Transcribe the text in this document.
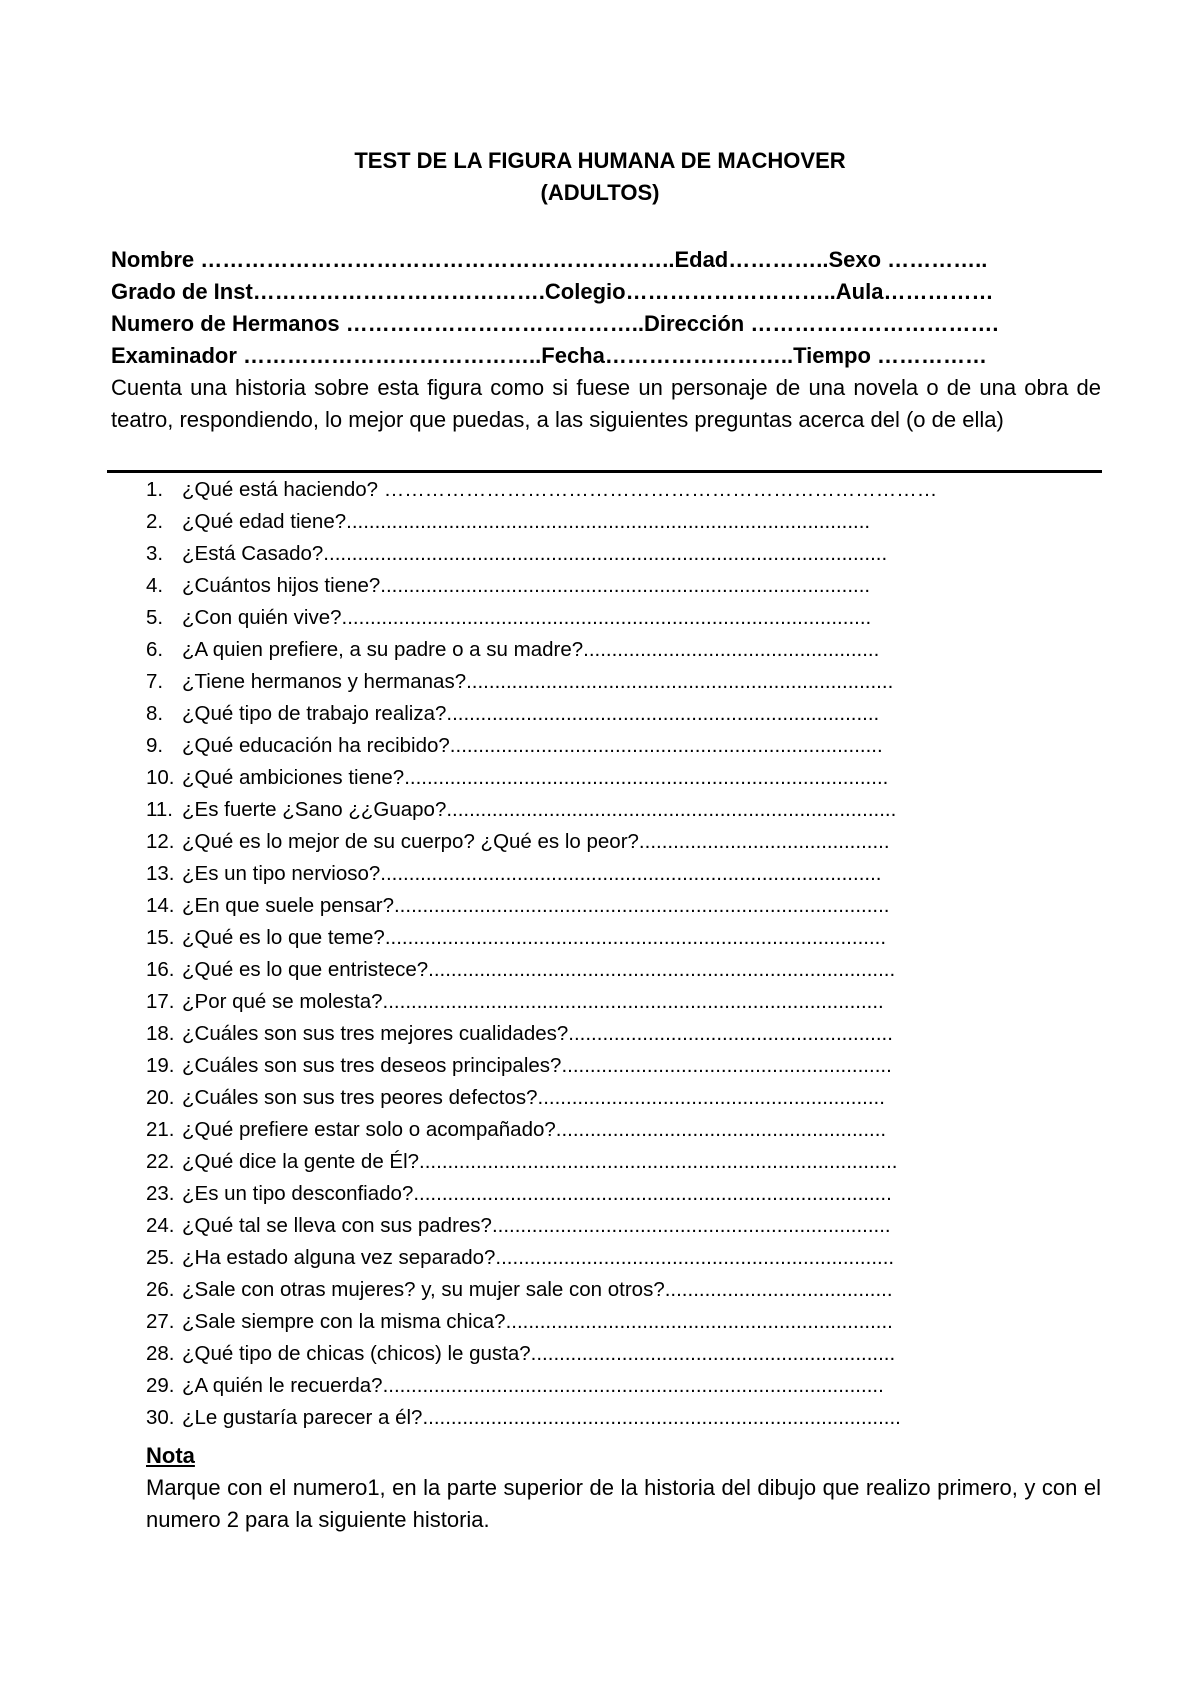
TEST DE LA FIGURA HUMANA DE MACHOVER
(ADULTOS)
Nombre ………………………………………………………..Edad…………..Sexo …………..
Grado de Inst………………………………….Colegio………………………..Aula……………
Numero de Hermanos …………………………………..Dirección …………………………….
Examinador …………………………………..Fecha……………………..Tiempo ……………
Cuenta una historia sobre esta figura como si fuese un personaje de una novela o de una obra de teatro, respondiendo, lo mejor que puedas, a las siguientes preguntas acerca del (o de ella)
1. ¿Qué está haciendo? ………………………………………………………………………
2. ¿Qué edad tiene?............................................................................................
3. ¿Está Casado?...................................................................................................
4. ¿Cuántos hijos tiene?......................................................................................
5. ¿Con quién vive?.............................................................................................
6. ¿A quien prefiere, a su padre o a su madre?....................................................
7. ¿Tiene hermanos y hermanas?...........................................................................
8. ¿Qué tipo de trabajo realiza?............................................................................
9. ¿Qué educación ha recibido?............................................................................
10. ¿Qué ambiciones tiene?.....................................................................................
11. ¿Es fuerte ¿Sano ¿¿Guapo?...............................................................................
12. ¿Qué es lo mejor de su cuerpo? ¿Qué es lo peor?............................................
13. ¿Es un tipo nervioso?........................................................................................
14. ¿En que suele pensar?.......................................................................................
15. ¿Qué es lo que teme?........................................................................................
16. ¿Qué es lo que entristece?..................................................................................
17. ¿Por qué se molesta?........................................................................................
18. ¿Cuáles son sus tres mejores cualidades?.........................................................
19. ¿Cuáles son sus tres deseos principales?..........................................................
20. ¿Cuáles son sus tres peores defectos?.............................................................
21. ¿Qué prefiere estar solo o acompañado?..........................................................
22. ¿Qué dice la gente de Él?....................................................................................
23. ¿Es un tipo desconfiado?....................................................................................
24. ¿Qué tal se lleva con sus padres?......................................................................
25. ¿Ha estado alguna vez separado?......................................................................
26. ¿Sale con otras mujeres? y, su mujer sale con otros?........................................
27. ¿Sale siempre con la misma chica?....................................................................
28. ¿Qué tipo de chicas (chicos) le gusta?................................................................
29. ¿A quién le recuerda?........................................................................................
30. ¿Le gustaría parecer a él?....................................................................................
Nota
Marque con el numero1, en la parte superior de la historia del dibujo que realizo primero, y con el numero 2 para la siguiente historia.
